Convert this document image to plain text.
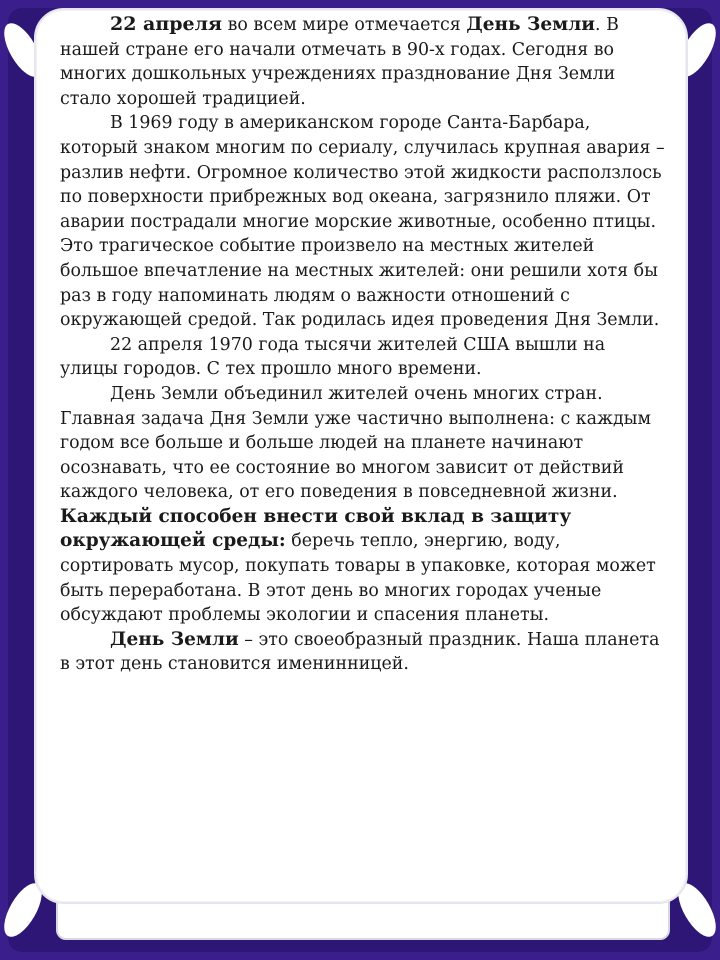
22 апреля во всем мире отмечается День Земли. В нашей стране его начали отмечать в 90-х годах. Сегодня во многих дошкольных учреждениях празднование Дня Земли стало хорошей традицией.

В 1969 году в американском городе Санта-Барбара, который знаком многим по сериалу, случилась крупная авария – разлив нефти. Огромное количество этой жидкости расползлось по поверхности прибрежных вод океана, загрязнило пляжи. От аварии пострадали многие морские животные, особенно птицы. Это трагическое событие произвело на местных жителей большое впечатление на местных жителей: они решили хотя бы раз в году напоминать людям о важности отношений с окружающей средой. Так родилась идея проведения Дня Земли.

22 апреля 1970 года тысячи жителей США вышли на улицы городов. С тех прошло много времени.

День Земли объединил жителей очень многих стран. Главная задача Дня Земли уже частично выполнена: с каждым годом все больше и больше людей на планете начинают осознавать, что ее состояние во многом зависит от действий каждого человека, от его поведения в повседневной жизни. Каждый способен внести свой вклад в защиту окружающей среды: беречь тепло, энергию, воду, сортировать мусор, покупать товары в упаковке, которая может быть переработана. В этот день во многих городах ученые обсуждают проблемы экологии и спасения планеты.

День Земли – это своеобразный праздник. Наша планета в этот день становится именинницей.
